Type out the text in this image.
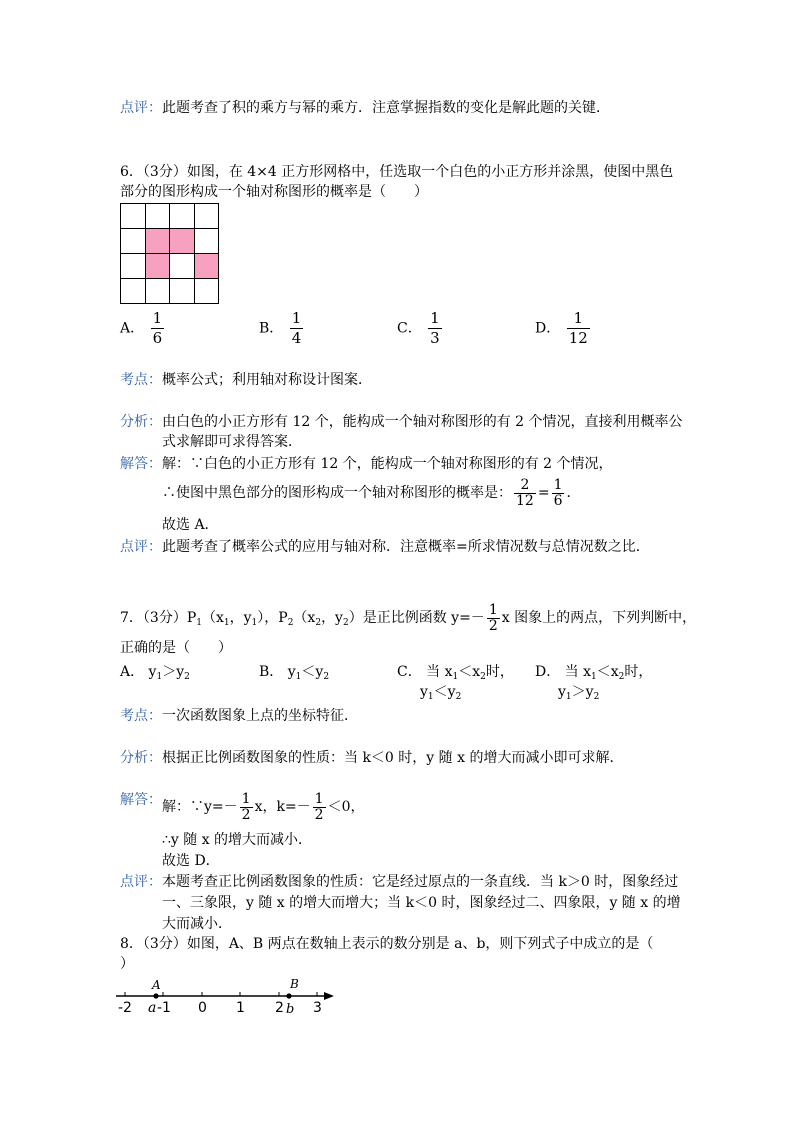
点评：此题考查了积的乘方与幂的乘方．注意掌握指数的变化是解此题的关键．
6．（3分）如图，在 4×4 正方形网格中，任选取一个白色的小正方形并涂黑，使图中黑色
部分的图形构成一个轴对称图形的概率是（　　）

A． $\frac{1}{6}$	B． $\frac{1}{4}$	C． $\frac{1}{3}$	D． $\frac{1}{12}$
考点：概率公式；利用轴对称设计图案．
分析：由白色的小正方形有 12 个，能构成一个轴对称图形的有 2 个情况，直接利用概率公
式求解即可求得答案．
解答：解：∵白色的小正方形有 12 个，能构成一个轴对称图形的有 2 个情况，
∴使图中黑色部分的图形构成一个轴对称图形的概率是： $\frac{2}{12} = \frac{1}{6}$ ．
故选 A．
点评：此题考查了概率公式的应用与轴对称．注意概率=所求情况数与总情况数之比．
7．（3分）$P_1(x_1$，$y_1$），$P_2(x_2$，$y_2$）是正比例函数 $y=- \frac{1}{2}$ x 图象上的两点，下列判断中，
正确的是（　　）
A． $y_1>y_2$	B． $y_1<y_2$	C． 当 $x_1<x_2$时，
$y_1<y_2$
D． 当 $x_1<x_2$时，
$y_1>y_2$
考点：一次函数图象上点的坐标特征．
分析：根据正比例函数图象的性质：当 k＜0 时，y 随 x 的增大而减小即可求解．
解答： 解：∵y=－ $\frac{1}{2}$ x，$k=- \frac{1}{2} <0$，
∴y 随 x 的增大而减小．
故选 D．
点评：本题考查正比例函数图象的性质：它是经过原点的一条直线．当 k＞0 时，图象经过
一、三象限，y 随 x 的增大而增大；当 k＜0 时，图象经过二、四象限，y 随 x 的增
大而减小．
8．（3分）如图，A、B 两点在数轴上表示的数分别是 a、b，则下列式子中成立的是（
）
A	B
-2 a -1 0 1 2 b 3
